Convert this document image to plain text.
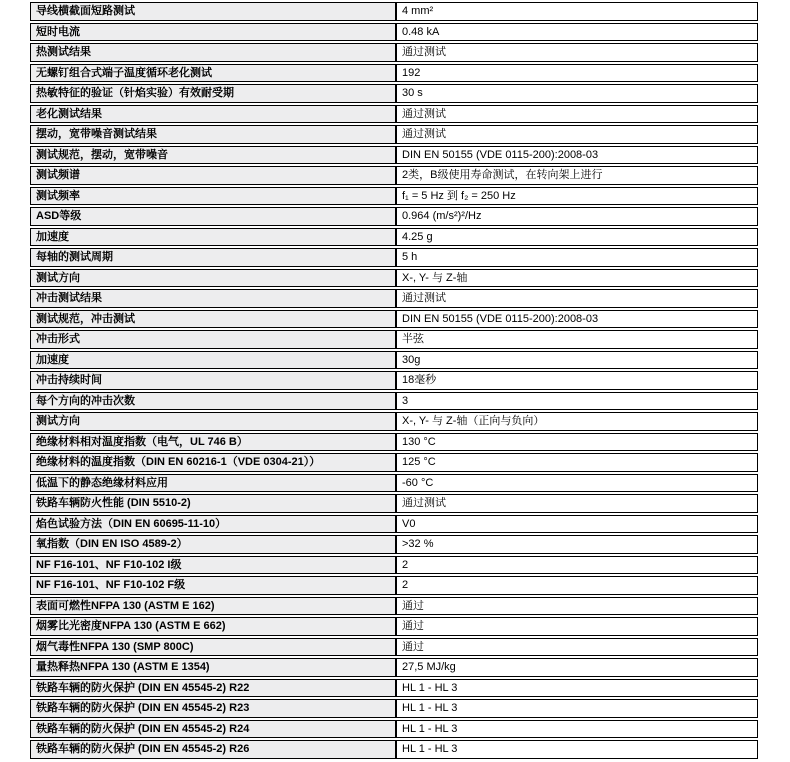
导线横截面短路测试	4 mm²
短时电流	0.48 kA
热测试结果	通过测试
无螺钉组合式端子温度循环老化测试	192
热敏特征的验证（针焰实验）有效耐受期	30 s
老化测试结果	通过测试
摆动，宽带噪音测试结果	通过测试
测试规范，摆动，宽带噪音	DIN EN 50155 (VDE 0115-200):2008-03
测试频谱	2类，B级使用寿命测试，在转向架上进行
测试频率	f₁ = 5 Hz 到 f₂ = 250 Hz
ASD等级	0.964 (m/s²)²/Hz
加速度	4.25 g
每轴的测试周期	5 h
测试方向	X-, Y- 与 Z-轴
冲击测试结果	通过测试
测试规范，冲击测试	DIN EN 50155 (VDE 0115-200):2008-03
冲击形式	半弦
加速度	30g
冲击持续时间	18毫秒
每个方向的冲击次数	3
测试方向	X-, Y- 与 Z-轴（正向与负向）
绝缘材料相对温度指数（电气，UL 746 B）	130 °C
绝缘材料的温度指数（DIN EN 60216-1（VDE 0304-21））	125 °C
低温下的静态绝缘材料应用	-60 °C
铁路车辆防火性能 (DIN 5510-2)	通过测试
焰色试验方法（DIN EN 60695-11-10）	V0
氧指数（DIN EN ISO 4589-2）	>32 %
NF F16-101、NF F10-102 I级	2
NF F16-101、NF F10-102 F级	2
表面可燃性NFPA 130 (ASTM E 162)	通过
烟雾比光密度NFPA 130 (ASTM E 662)	通过
烟气毒性NFPA 130 (SMP 800C)	通过
量热释热NFPA 130 (ASTM E 1354)	27,5 MJ/kg
铁路车辆的防火保护 (DIN EN 45545-2) R22	HL 1 - HL 3
铁路车辆的防火保护 (DIN EN 45545-2) R23	HL 1 - HL 3
铁路车辆的防火保护 (DIN EN 45545-2) R24	HL 1 - HL 3
铁路车辆的防火保护 (DIN EN 45545-2) R26	HL 1 - HL 3
